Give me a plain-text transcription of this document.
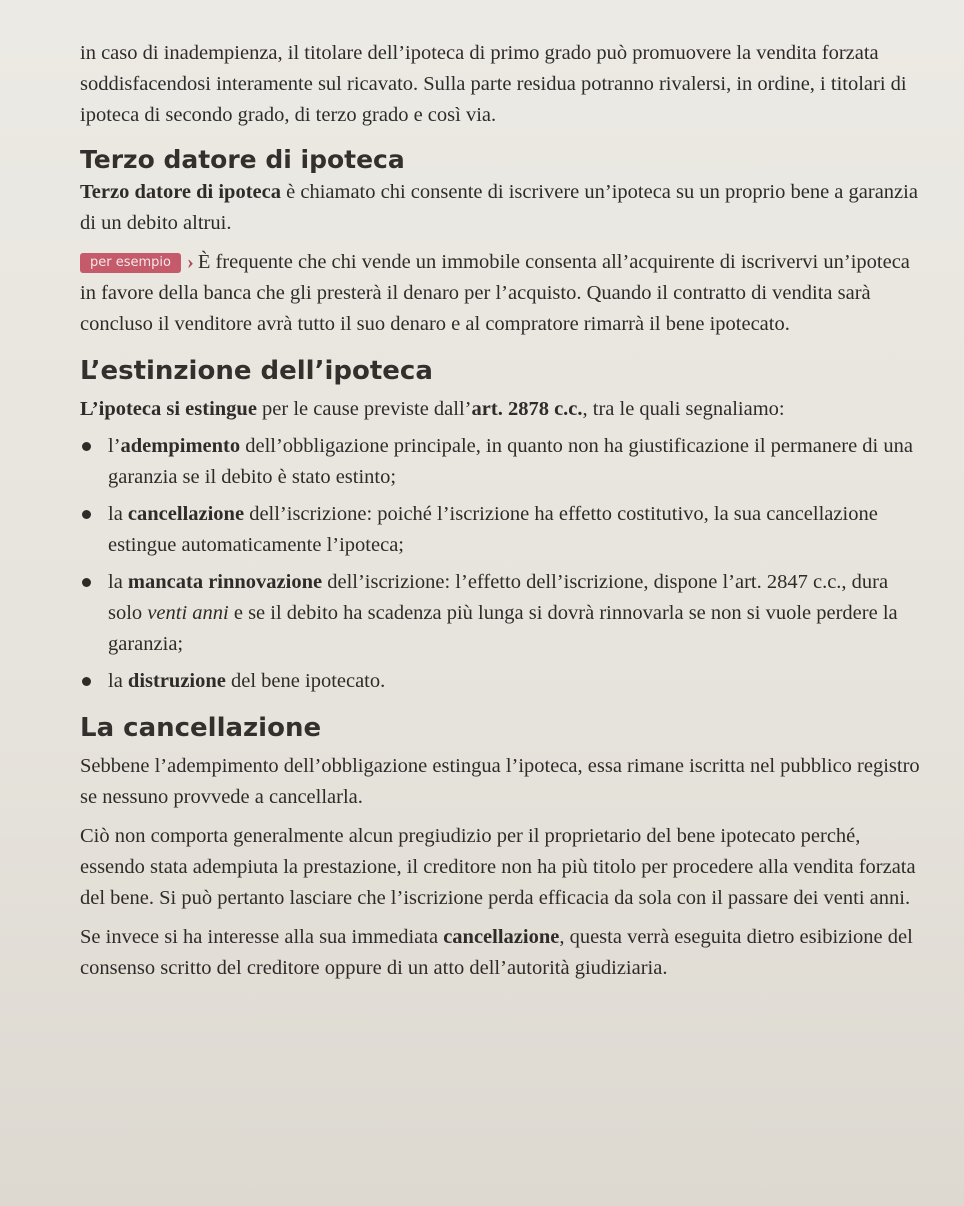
in caso di inadempienza, il titolare dell’ipoteca di primo grado può promuovere la vendita forzata soddisfacendosi interamente sul ricavato. Sulla parte residua potranno rivalersi, in ordine, i titolari di ipoteca di secondo grado, di terzo grado e così via.

Terzo datore di ipoteca

Terzo datore di ipoteca è chiamato chi consente di iscrivere un’ipoteca su un proprio bene a garanzia di un debito altrui.

per esempio › È frequente che chi vende un immobile consenta all’acquirente di iscrivervi un’ipoteca in favore della banca che gli presterà il denaro per l’acquisto. Quando il contratto di vendita sarà concluso il venditore avrà tutto il suo denaro e al compratore rimarrà il bene ipotecato.

L’estinzione dell’ipoteca

L’ipoteca si estingue per le cause previste dall’art. 2878 c.c., tra le quali segnaliamo:

l’adempimento dell’obbligazione principale, in quanto non ha giustificazione il permanere di una garanzia se il debito è stato estinto;
la cancellazione dell’iscrizione: poiché l’iscrizione ha effetto costitutivo, la sua cancellazione estingue automaticamente l’ipoteca;
la mancata rinnovazione dell’iscrizione: l’effetto dell’iscrizione, dispone l’art. 2847 c.c., dura solo venti anni e se il debito ha scadenza più lunga si dovrà rinnovarla se non si vuole perdere la garanzia;
la distruzione del bene ipotecato.
La cancellazione

Sebbene l’adempimento dell’obbligazione estingua l’ipoteca, essa rimane iscritta nel pubblico registro se nessuno provvede a cancellarla.

Ciò non comporta generalmente alcun pregiudizio per il proprietario del bene ipotecato perché, essendo stata adempiuta la prestazione, il creditore non ha più titolo per procedere alla vendita forzata del bene. Si può pertanto lasciare che l’iscrizione perda efficacia da sola con il passare dei venti anni.

Se invece si ha interesse alla sua immediata cancellazione, questa verrà eseguita dietro esibizione del consenso scritto del creditore oppure di un atto dell’autorità giudiziaria.
